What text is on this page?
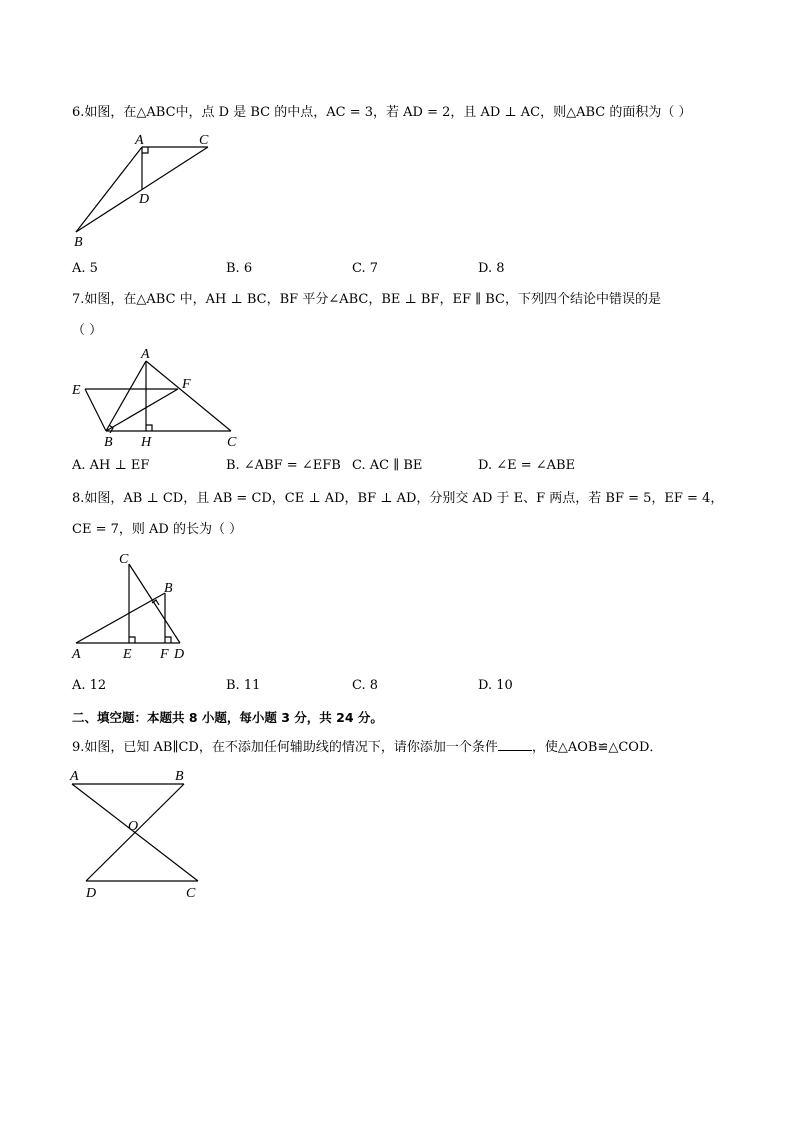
6.如图，在△ABC中，点 D 是 BC 的中点，AC = 3，若 AD = 2，且 AD ⊥ AC，则△ABC 的面积为（ ）
A	C
D
B
A. 5	B. 6	C. 7	D. 8
7.如图，在△ABC 中，AH ⊥ BC，BF 平分∠ABC，BE ⊥ BF，EF ∥ BC，下列四个结论中错误的是
（ ）
A
E	F
B H	C
A. AH ⊥ EF	B. ∠ABF = ∠EFB C. AC ∥ BE	D. ∠E = ∠ABE
8.如图，AB ⊥ CD，且 AB = CD，CE ⊥ AD，BF ⊥ AD，分别交 AD 于 E、F 两点，若 BF = 5，EF = 4，
CE = 7，则 AD 的长为（ ）
C
B
A	E F D
A. 12	B. 11	C. 8	D. 10
二、填空题：本题共 8 小题，每小题 3 分，共 24 分。
9.如图，已知 AB∥CD，在不添加任何辅助线的情况下，请你添加一个条件	，使△AOB≌△COD．
A	B
O
D	C
